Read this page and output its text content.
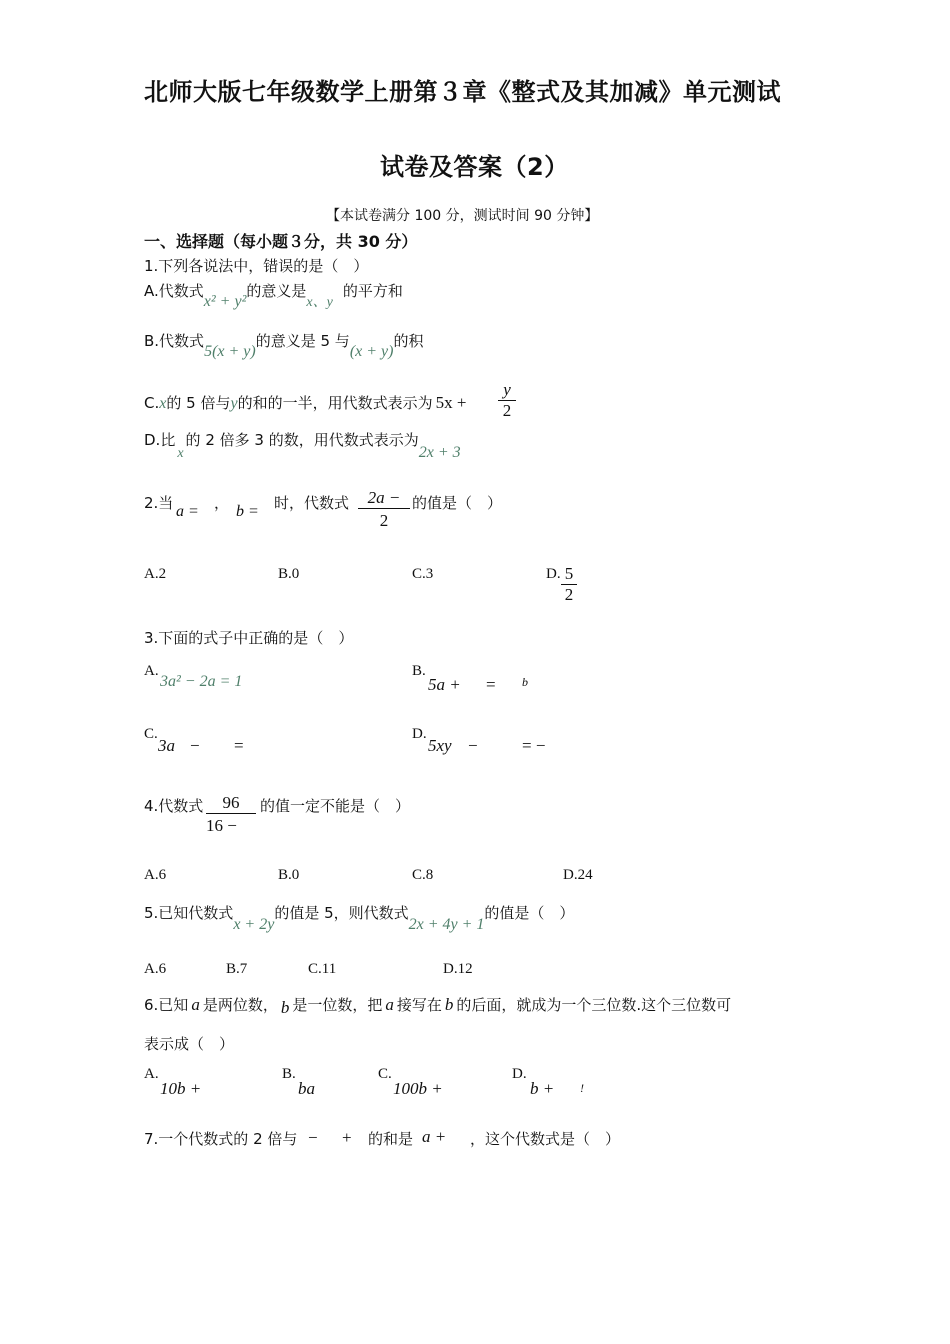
北师大版七年级数学上册第３章《整式及其加减》单元测试
试卷及答案（2）
【本试卷满分 100 分，测试时间 90 分钟】
一、选择题（每小题３分，共 30 分）
1.下列各说法中，错误的是（　）
A.代数式x² + y²的意义是x、y的平方和
B.代数式5(x + y)的意义是 5 与(x + y)的积
C.x的 5 倍与y的和的一半，用代数式表示为 $5x + \frac{y}{2}$
D.比x的 2 倍多 3 的数，用代数式表示为2x + 3
2.当 a = ， b = 时，代数式 $\frac{2a -}{2}$ 的值是（　）
A.2	B.0	C.3	D. $\frac{5}{2}$
3.下面的式子中正确的是（　）
A.
3a² − 2a = 1
B.
5a + = b
C.
3a − =
D.
5xy −	= −
4.代数式 $\frac{96}{16 -}$ 的值一定不能是（　）
A.6	B.0	C.8	D.24
5.已知代数式x + 2y的值是 5，则代数式2x + 4y + 1的值是（　）
A.6	B.7	C.11	D.12
6.已知 a 是两位数， b 是一位数，把 a 接写在 b 的后面，就成为一个三位数.这个三位数可
表示成（　）
A.
10b +
B.
ba
C.
100b +
D.
b + !
7.一个代数式的 2 倍与 − + 的和是 a + ，这个代数式是（　）
